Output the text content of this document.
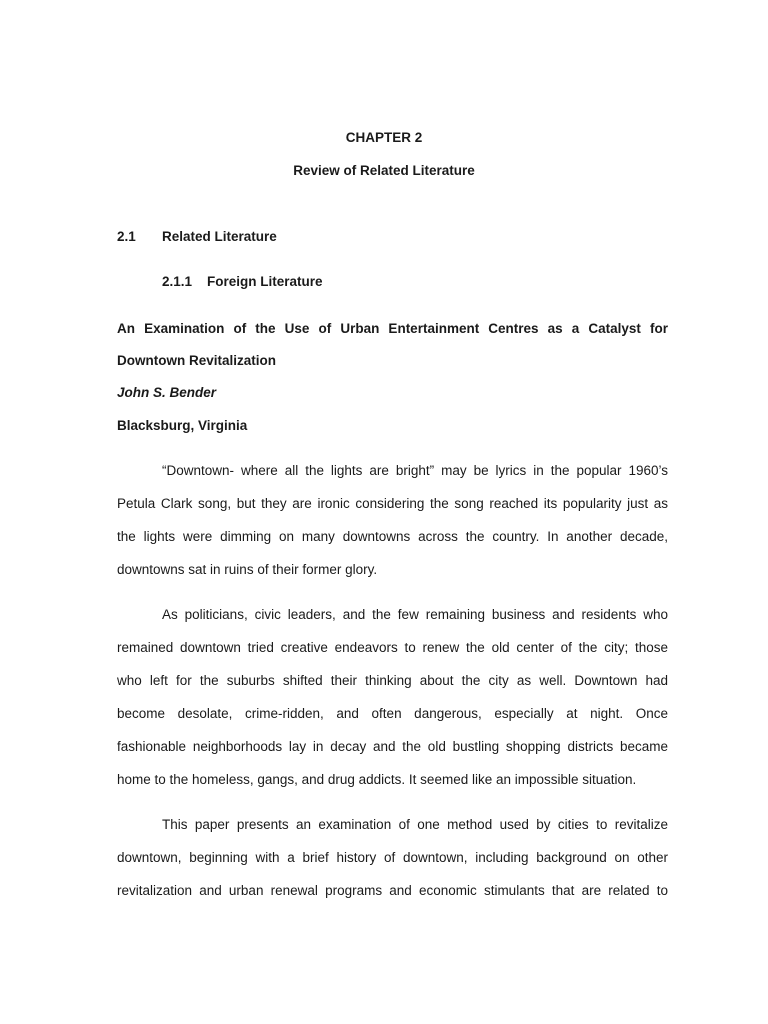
CHAPTER 2
Review of Related Literature
2.1 Related Literature
2.1.1    Foreign Literature
An Examination of the Use of Urban Entertainment Centres as a Catalyst for
Downtown Revitalization
John S. Bender
Blacksburg, Virginia
“Downtown- where all the lights are bright” may be lyrics in the popular 1960’s
Petula Clark song, but they are ironic considering the song reached its popularity just as
the lights were dimming on many downtowns across the country. In another decade,
downtowns sat in ruins of their former glory.
As politicians, civic leaders, and the few remaining business and residents who
remained downtown tried creative endeavors to renew the old center of the city; those
who left for the suburbs shifted their thinking about the city as well. Downtown had
become desolate, crime-ridden, and often dangerous, especially at night. Once
fashionable neighborhoods lay in decay and the old bustling shopping districts became
home to the homeless, gangs, and drug addicts. It seemed like an impossible situation.
This paper presents an examination of one method used by cities to revitalize
downtown, beginning with a brief history of downtown, including background on other
revitalization and urban renewal programs and economic stimulants that are related to
